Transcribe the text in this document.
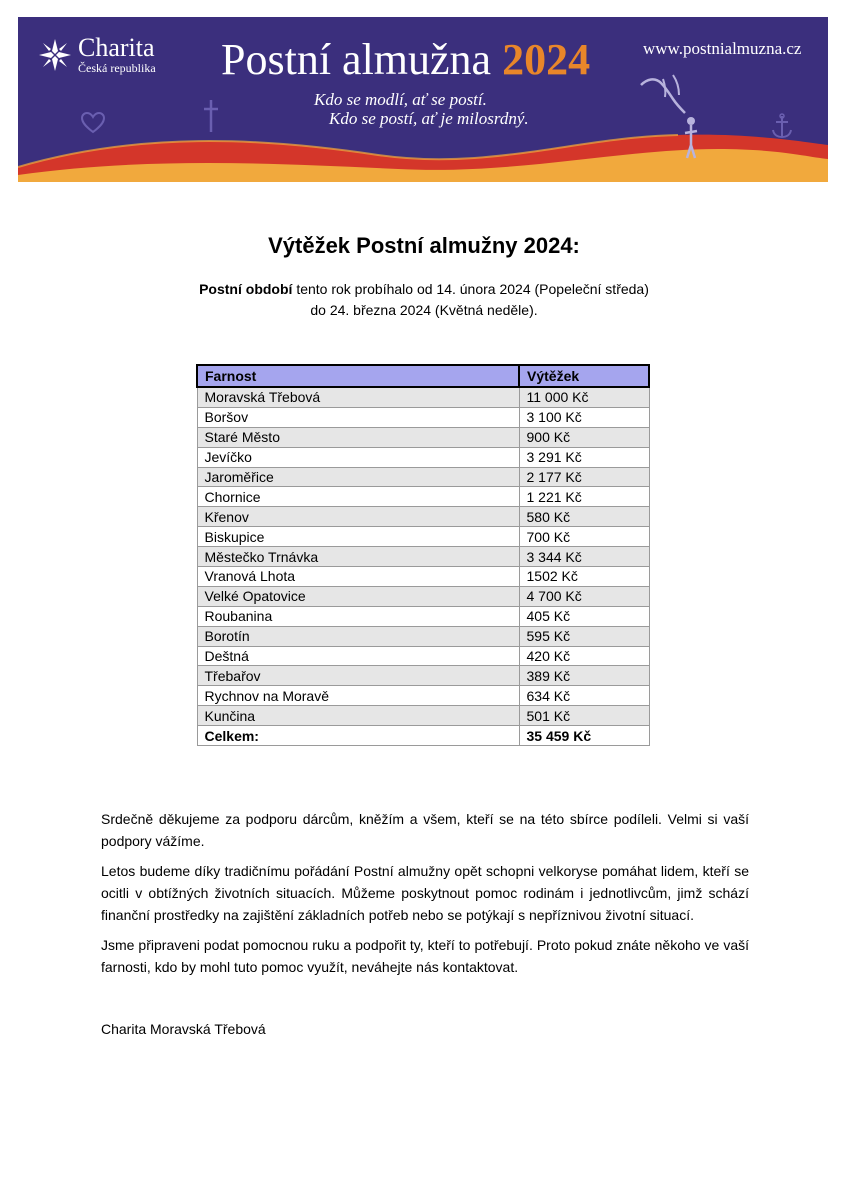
Charita
Česká republika Postní almužna 2024	www.postnialmuzna.cz
Kdo se modlí, ať se postí.
Kdo se postí, ať je milosrdný.
Výtěžek Postní almužny 2024:
Postní období tento rok probíhalo od 14. února 2024 (Popeleční středa)
do 24. března 2024 (Květná neděle).
Farnost	Výtěžek
Moravská Třebová	11 000 Kč
Boršov	3 100 Kč
Staré Město	900 Kč
Jevíčko	3 291 Kč
Jaroměřice	2 177 Kč
Chornice	1 221 Kč
Křenov	580 Kč
Biskupice	700 Kč
Městečko Trnávka	3 344 Kč
Vranová Lhota	1502 Kč
Velké Opatovice	4 700 Kč
Roubanina	405 Kč
Borotín	595 Kč
Deštná	420 Kč
Třebařov	389 Kč
Rychnov na Moravě	634 Kč
Kunčina	501 Kč
Celkem:	35 459 Kč
Srdečně děkujeme za podporu dárcům, kněžím a všem, kteří se na této sbírce podíleli. Velmi si vaší podpory vážíme.
Letos budeme díky tradičnímu pořádání Postní almužny opět schopni velkoryse pomáhat lidem, kteří se ocitli v obtížných životních situacích. Můžeme poskytnout pomoc rodinám i jednotlivcům, jimž schází finanční prostředky na zajištění základních potřeb nebo se potýkají s nepříznivou životní situací.
Jsme připraveni podat pomocnou ruku a podpořit ty, kteří to potřebují. Proto pokud znáte někoho ve vaší farnosti, kdo by mohl tuto pomoc využít, neváhejte nás kontaktovat.
Charita Moravská Třebová
